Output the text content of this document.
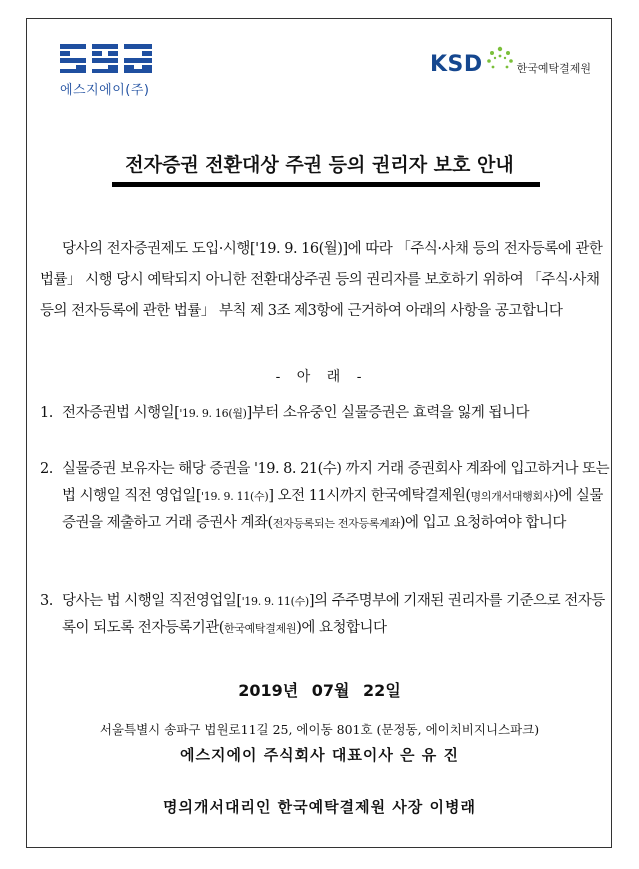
에스지에이(주)
KSD	한국예탁결제원
전자증권 전환대상 주권 등의 권리자 보호 안내
당사의 전자증권제도 도입·시행['19. 9. 16(월)]에 따라 「주식·사채 등의 전자등록에 관한 법률」 시행 당시 예탁되지 아니한 전환대상주권 등의 권리자를 보호하기 위하여 「주식·사채 등의 전자등록에 관한 법률」 부칙 제 3조 제3항에 근거하여 아래의 사항을 공고합니다
- 아 래 -
1. 전자증권법 시행일['19. 9. 16(월)]부터 소유중인 실물증권은 효력을 잃게 됩니다
2. 실물증권 보유자는 해당 증권을 '19. 8. 21(수) 까지 거래 증권회사 계좌에 입고하거나 또는 법 시행일 직전 영업일['19. 9. 11(수)] 오전 11시까지 한국예탁결제원(명의개서대행회사)에 실물증권을 제출하고 거래 증권사 계좌(전자등록되는 전자등록계좌)에 입고 요청하여야 합니다
3. 당사는 법 시행일 직전영업일['19. 9. 11(수)]의 주주명부에 기재된 권리자를 기준으로 전자등록이 되도록 전자등록기관(한국예탁결제원)에 요청합니다
2019년 07월 22일
서울특별시 송파구 법원로11길 25, 에이동 801호 (문정동, 에이치비지니스파크)
에스지에이 주식회사 대표이사 은 유 진
명의개서대리인 한국예탁결제원 사장 이병래
